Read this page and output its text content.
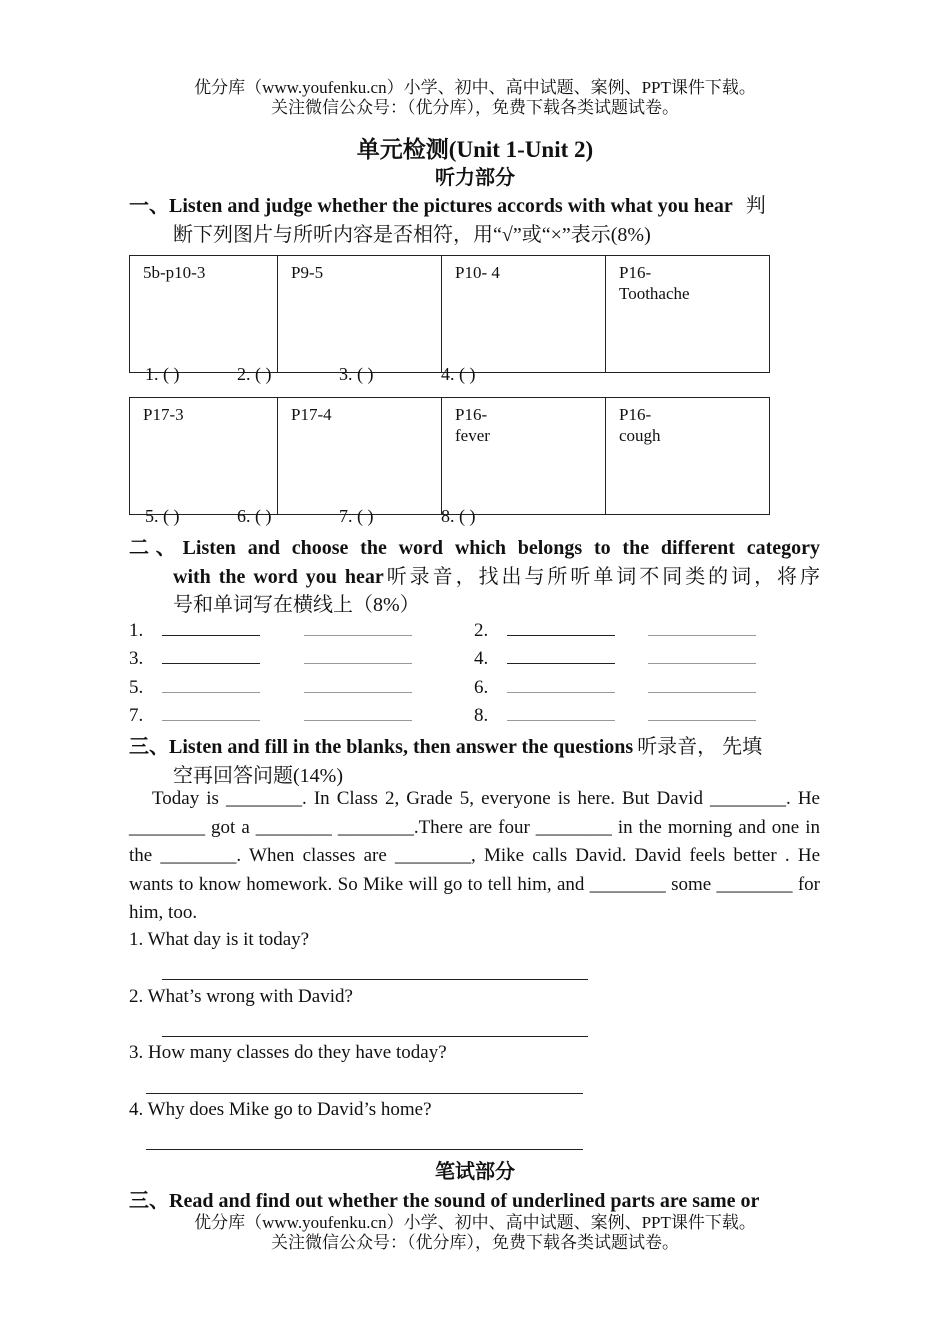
优分库（www.youfenku.cn）小学、初中、高中试题、案例、PPT课件下载。
关注微信公众号：（优分库），免费下载各类试题试卷。
单元检测(Unit 1-Unit 2)
听力部分
一、Listen and judge whether the pictures accords with what you hear 判
断下列图片与所听内容是否相符，用“√”或“×”表示(8%)
5b-p10-3	P9-5	P10- 4	P16-
Toothache
1. ( )	2. ( )	3. ( )	4. ( )
P17-3	P17-4	P16-
fever	P16-
cough
5. ( )	6. ( )	7. ( )	8. ( )
二、Listen and choose the word which belongs to the different category
with the word you hear听录音，找出与所听单词不同类的词，将序
号和单词写在横线上（8%）
1.	2.
3.	4.
5.	6.
7.	8.
三、Listen and fill in the blanks, then answer the questions 听录音， 先填
空再回答问题(14%)
Today is ________. In Class 2, Grade 5, everyone is here. But David ________. He ________ got a ________ ________.There are four ________ in the morning and one in the ________. When classes are ________, Mike calls David. David feels better . He wants to know homework. So Mike will go to tell him, and ________ some ________ for him, too.
1. What day is it today?
2. What’s wrong with David?
3. How many classes do they have today?
4. Why does Mike go to David’s home?
笔试部分
三、Read and find out whether the sound of underlined parts are same or
优分库（www.youfenku.cn）小学、初中、高中试题、案例、PPT课件下载。
关注微信公众号：（优分库），免费下载各类试题试卷。
